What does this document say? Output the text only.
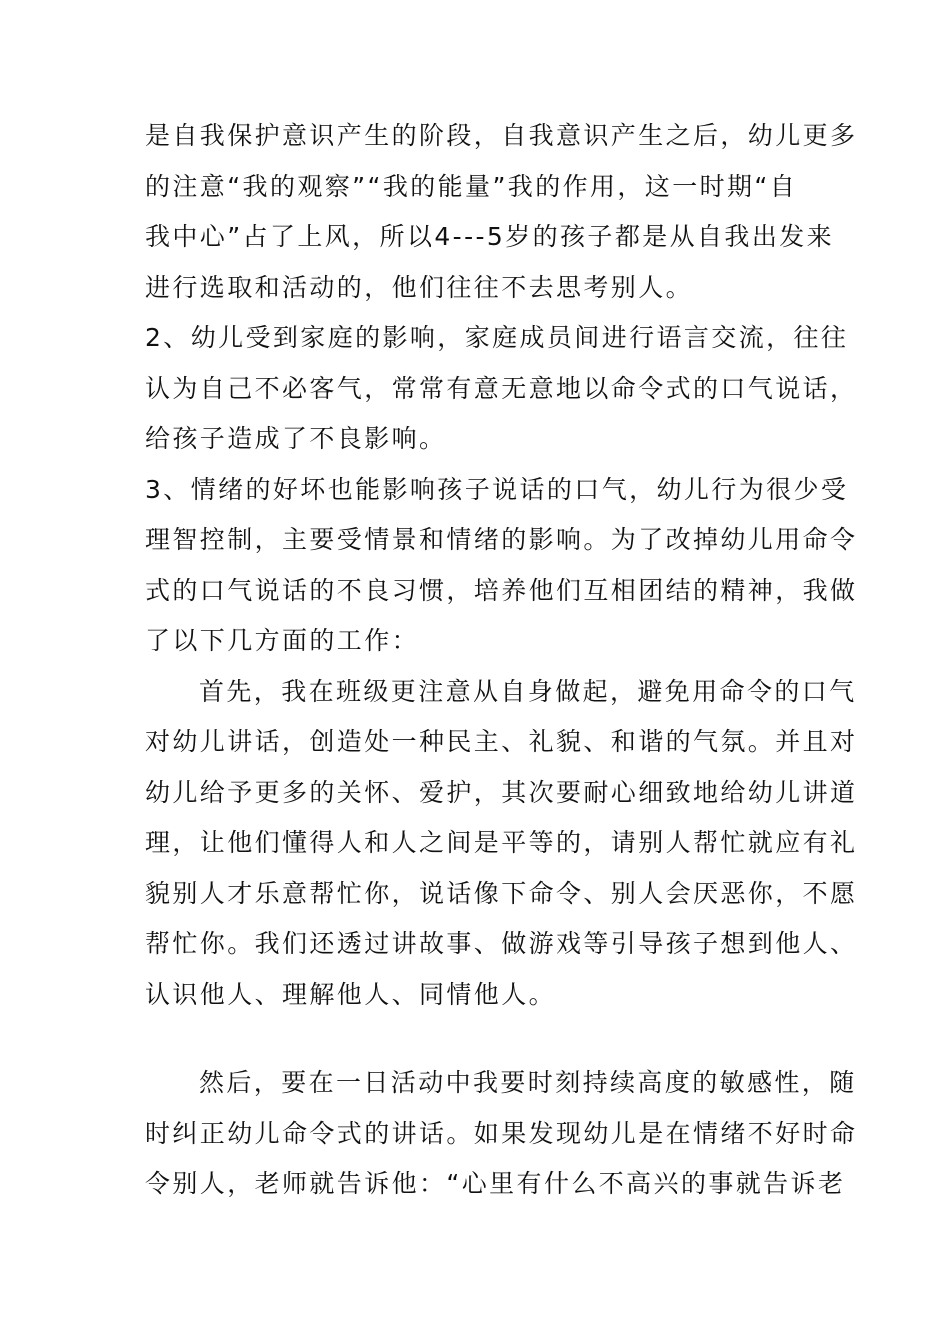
是自我保护意识产生的阶段，自我意识产生之后，幼儿更多

的注意“我的观察”“我的能量”我的作用，这一时期“自

我中心”占了上风，所以4---5岁的孩子都是从自我出发来

进行选取和活动的，他们往往不去思考别人。

2、幼儿受到家庭的影响，家庭成员间进行语言交流，往往

认为自己不必客气，常常有意无意地以命令式的口气说话，

给孩子造成了不良影响。

3、情绪的好坏也能影响孩子说话的口气，幼儿行为很少受

理智控制，主要受情景和情绪的影响。为了改掉幼儿用命令

式的口气说话的不良习惯，培养他们互相团结的精神，我做

了以下几方面的工作：

首先，我在班级更注意从自身做起，避免用命令的口气

对幼儿讲话，创造处一种民主、礼貌、和谐的气氛。并且对

幼儿给予更多的关怀、爱护，其次要耐心细致地给幼儿讲道

理，让他们懂得人和人之间是平等的，请别人帮忙就应有礼

貌别人才乐意帮忙你，说话像下命令、别人会厌恶你，不愿

帮忙你。我们还透过讲故事、做游戏等引导孩子想到他人、

认识他人、理解他人、同情他人。

然后，要在一日活动中我要时刻持续高度的敏感性，随

时纠正幼儿命令式的讲话。如果发现幼儿是在情绪不好时命

令别人，老师就告诉他：“心里有什么不高兴的事就告诉老
